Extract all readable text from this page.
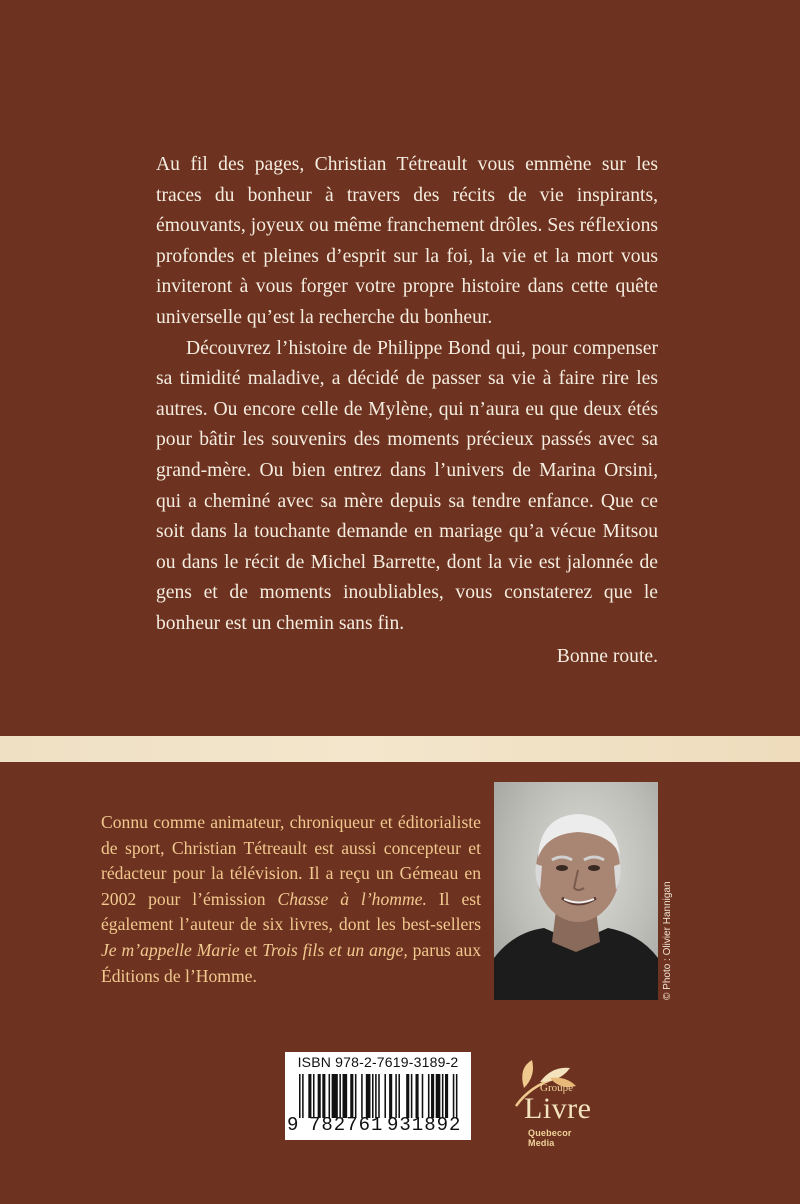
Au fil des pages, Christian Tétreault vous emmène sur les traces du bonheur à travers des récits de vie inspirants, émouvants, joyeux ou même franchement drôles. Ses réflexions profondes et pleines d’esprit sur la foi, la vie et la mort vous inviteront à vous forger votre propre histoire dans cette quête universelle qu’est la recherche du bonheur.

Découvrez l’histoire de Philippe Bond qui, pour compenser sa timidité maladive, a décidé de passer sa vie à faire rire les autres. Ou encore celle de Mylène, qui n’aura eu que deux étés pour bâtir les souvenirs des moments précieux passés avec sa grand-mère. Ou bien entrez dans l’univers de Marina Orsini, qui a cheminé avec sa mère depuis sa tendre enfance. Que ce soit dans la touchante demande en mariage qu’a vécue Mitsou ou dans le récit de Michel Barrette, dont la vie est jalonnée de gens et de moments inoubliables, vous constaterez que le bonheur est un chemin sans fin.

Bonne route.

Connu comme animateur, chroniqueur et éditorialiste de sport, Christian Tétreault est aussi concepteur et rédacteur pour la télévision. Il a reçu un Gémeau en 2002 pour l’émission Chasse à l’homme. Il est également l’auteur de six livres, dont les best-sellers Je m’appelle Marie et Trois fils et un ange, parus aux Éditions de l’Homme.	© Photo : Olivier Hannigan
ISBN 978-2-7619-3189-2
9 782761 931892
Groupe
Livre
Quebecor Media
